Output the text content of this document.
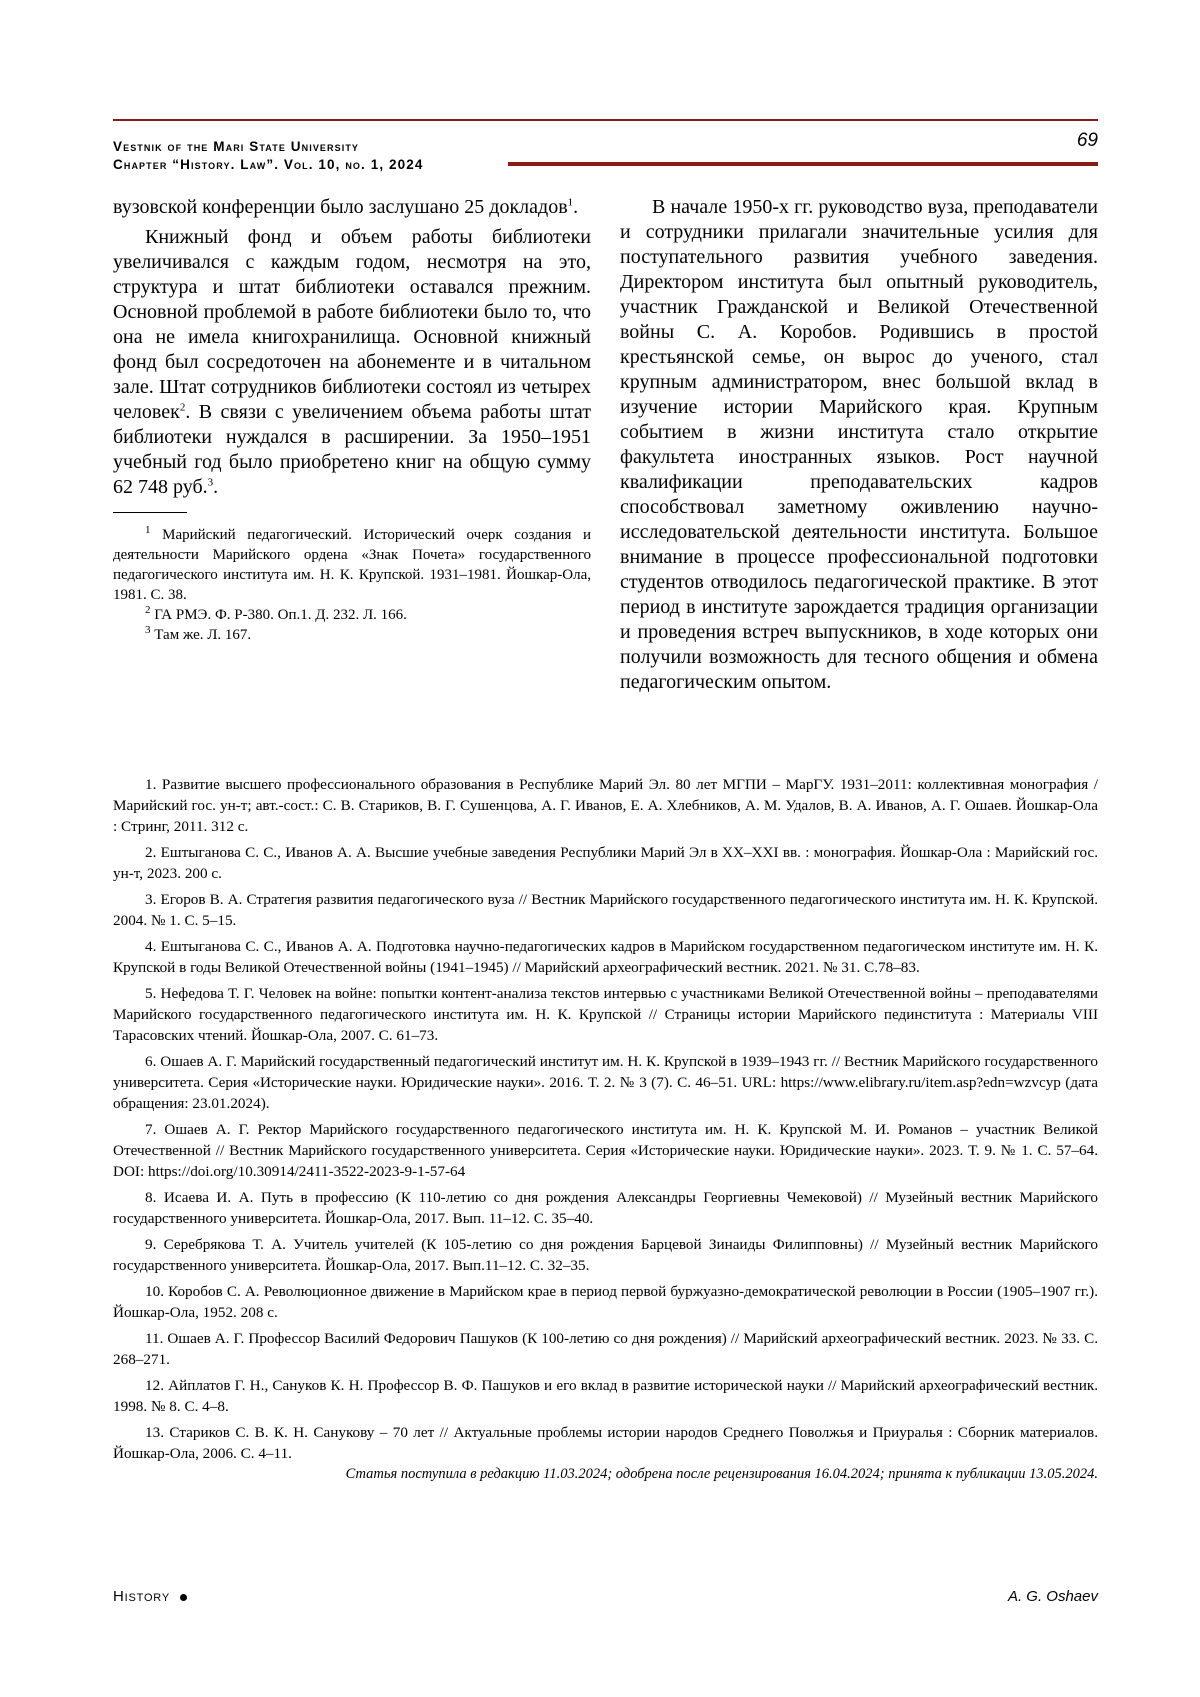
Vestnik of the Mari State University
Chapter “History. Law”. Vol. 10, no. 1, 2024
69

вузовской конференции было заслушано 25 докладов$^1$.

Книжный фонд и объем работы библиотеки увеличивался с каждым годом, несмотря на это, структура и штат библиотеки оставался прежним. Основной проблемой в работе библиотеки было то, что она не имела книгохранилища. Основной книжный фонд был сосредоточен на абонементе и в читальном зале. Штат сотрудников библиотеки состоял из четырех человек$^2$. В связи с увеличением объема работы штат библиотеки нуждался в расширении. За 1950–1951 учебный год было приобретено книг на общую сумму 62 748 руб.$^3$.

$^1$ Марийский педагогический. Исторический очерк создания и деятельности Марийского ордена «Знак Почета» государственного педагогического института им. Н. К. Крупской. 1931–1981. Йошкар-Ола, 1981. С. 38.

$^2$ ГА РМЭ. Ф. Р-380. Оп.1. Д. 232. Л. 166.

$^3$ Там же. Л. 167.

В начале 1950-х гг. руководство вуза, преподаватели и сотрудники прилагали значительные усилия для поступательного развития учебного заведения. Директором института был опытный руководитель, участник Гражданской и Великой Отечественной войны С. А. Коробов. Родившись в простой крестьянской семье, он вырос до ученого, стал крупным администратором, внес большой вклад в изучение истории Марийского края. Крупным событием в жизни института стало открытие факультета иностранных языков. Рост научной квалификации преподавательских кадров способствовал заметному оживлению научно-исследовательской деятельности института. Большое внимание в процессе профессиональной подготовки студентов отводилось педагогической практике. В этот период в институте зарождается традиция организации и проведения встреч выпускников, в ходе которых они получили возможность для тесного общения и обмена педагогическим опытом.

1. Развитие высшего профессионального образования в Республике Марий Эл. 80 лет МГПИ – МарГУ. 1931–2011: коллективная монография / Марийский гос. ун-т; авт.-сост.: С. В. Стариков, В. Г. Сушенцова, А. Г. Иванов, Е. А. Хлебников, А. М. Удалов, В. А. Иванов, А. Г. Ошаев. Йошкар-Ола : Стринг, 2011. 312 с.

2. Ештыганова С. С., Иванов А. А. Высшие учебные заведения Республики Марий Эл в XX–XXI вв. : монография. Йошкар-Ола : Марийский гос. ун-т, 2023. 200 с.

3. Егоров В. А. Стратегия развития педагогического вуза // Вестник Марийского государственного педагогического института им. Н. К. Крупской. 2004. № 1. С. 5–15.

4. Ештыганова С. С., Иванов А. А. Подготовка научно-педагогических кадров в Марийском государственном педагогическом институте им. Н. К. Крупской в годы Великой Отечественной войны (1941–1945) // Марийский археографический вестник. 2021. № 31. С.78–83.

5. Нефедова Т. Г. Человек на войне: попытки контент-анализа текстов интервью с участниками Великой Отечественной войны – преподавателями Марийского государственного педагогического института им. Н. К. Крупской // Страницы истории Марийского пединститута : Материалы VIII Тарасовских чтений. Йошкар-Ола, 2007. С. 61–73.

6. Ошаев А. Г. Марийский государственный педагогический институт им. Н. К. Крупской в 1939–1943 гг. // Вестник Марийского государственного университета. Серия «Исторические науки. Юридические науки». 2016. Т. 2. № 3 (7). С. 46–51. URL: https://www.elibrary.ru/item.asp?edn=wzvcyp (дата обращения: 23.01.2024).

7. Ошаев А. Г. Ректор Марийского государственного педагогического института им. Н. К. Крупской М. И. Романов – участник Великой Отечественной // Вестник Марийского государственного университета. Серия «Исторические науки. Юридические науки». 2023. Т. 9. № 1. С. 57–64. DOI: https://doi.org/10.30914/2411-3522-2023-9-1-57-64

8. Исаева И. А. Путь в профессию (К 110-летию со дня рождения Александры Георгиевны Чемековой) // Музейный вестник Марийского государственного университета. Йошкар-Ола, 2017. Вып. 11–12. С. 35–40.

9. Серебрякова Т. А. Учитель учителей (К 105-летию со дня рождения Барцевой Зинаиды Филипповны) // Музейный вестник Марийского государственного университета. Йошкар-Ола, 2017. Вып.11–12. С. 32–35.

10. Коробов С. А. Революционное движение в Марийском крае в период первой буржуазно-демократической революции в России (1905–1907 гг.). Йошкар-Ола, 1952. 208 с.

11. Ошаев А. Г. Профессор Василий Федорович Пашуков (К 100-летию со дня рождения) // Марийский археографический вестник. 2023. № 33. С. 268–271.

12. Айплатов Г. Н., Сануков К. Н. Профессор В. Ф. Пашуков и его вклад в развитие исторической науки // Марийский археографический вестник. 1998. № 8. С. 4–8.

13. Стариков С. В. К. Н. Санукову – 70 лет // Актуальные проблемы истории народов Среднего Поволжья и Приуралья : Сборник материалов. Йошкар-Ола, 2006. С. 4–11.

Статья поступила в редакцию 11.03.2024; одобрена после рецензирования 16.04.2024; принята к публикации 13.05.2024.
History	A. G. Oshaev
